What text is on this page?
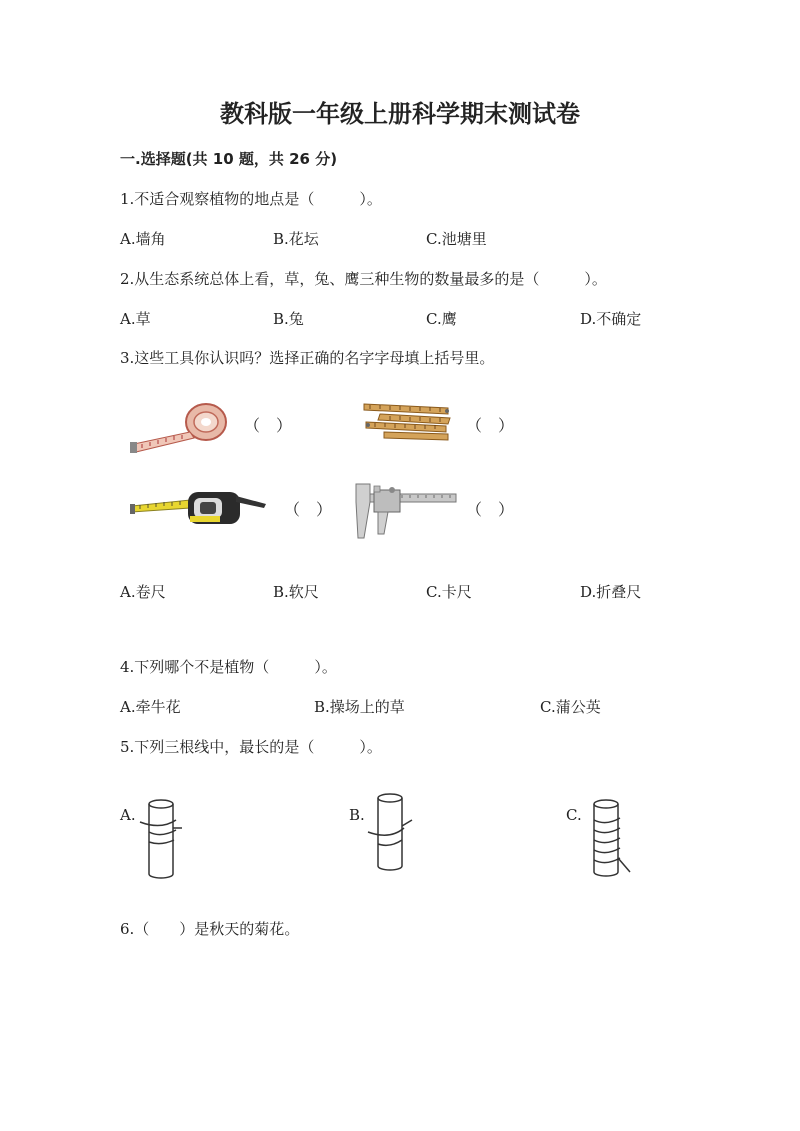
教科版一年级上册科学期末测试卷
一.选择题(共 10 题，共 26 分)
1.不适合观察植物的地点是（　　　）。
A.墙角	B.花坛	C.池塘里
2.从生态系统总体上看，草，兔、鹰三种生物的数量最多的是（　　　）。
A.草	B.兔	C.鹰	D.不确定
3.这些工具你认识吗？选择正确的名字字母填上括号里。
（　）	（　）
（　）	（　）
A.卷尺	B.软尺	C.卡尺	D.折叠尺
4.下列哪个不是植物（　　　）。
A.牵牛花	B.操场上的草	C.蒲公英
5.下列三根线中，最长的是（　　　）。
A.	B.	C.
6.（　　）是秋天的菊花。
